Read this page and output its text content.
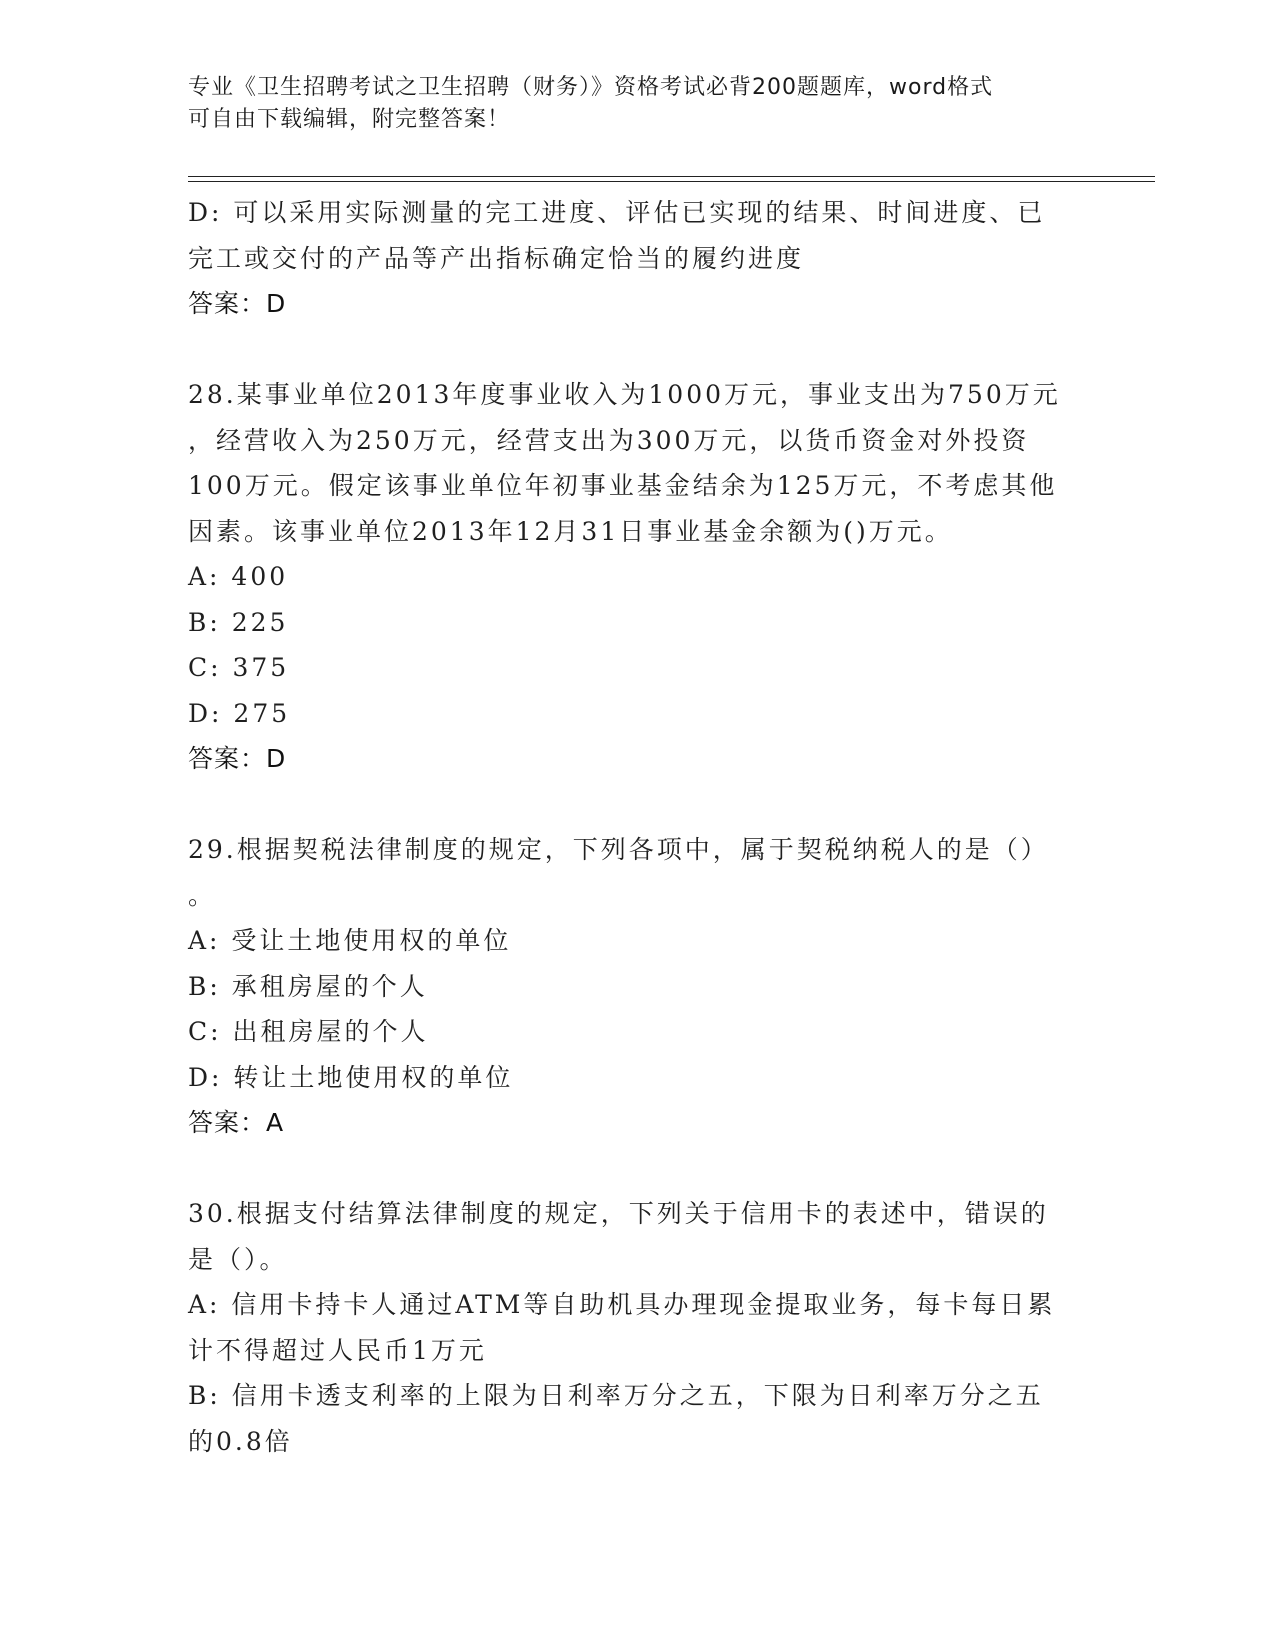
专业《卫生招聘考试之卫生招聘（财务）》资格考试必背200题题库，word格式
可自由下载编辑，附完整答案！
D: 可以采用实际测量的完工进度、评估已实现的结果、时间进度、已
完工或交付的产品等产出指标确定恰当的履约进度
答案：D
28.某事业单位2013年度事业收入为1000万元，事业支出为750万元
，经营收入为250万元，经营支出为300万元，以货币资金对外投资
100万元。假定该事业单位年初事业基金结余为125万元，不考虑其他
因素。该事业单位2013年12月31日事业基金余额为()万元。
A: 400
B: 225
C: 375
D: 275
答案：D
29.根据契税法律制度的规定，下列各项中，属于契税纳税人的是（）
。
A: 受让土地使用权的单位
B: 承租房屋的个人
C: 出租房屋的个人
D: 转让土地使用权的单位
答案：A
30.根据支付结算法律制度的规定，下列关于信用卡的表述中，错误的
是（）。
A: 信用卡持卡人通过ATM等自助机具办理现金提取业务，每卡每日累
计不得超过人民币1万元
B: 信用卡透支利率的上限为日利率万分之五，下限为日利率万分之五
的0.8倍
